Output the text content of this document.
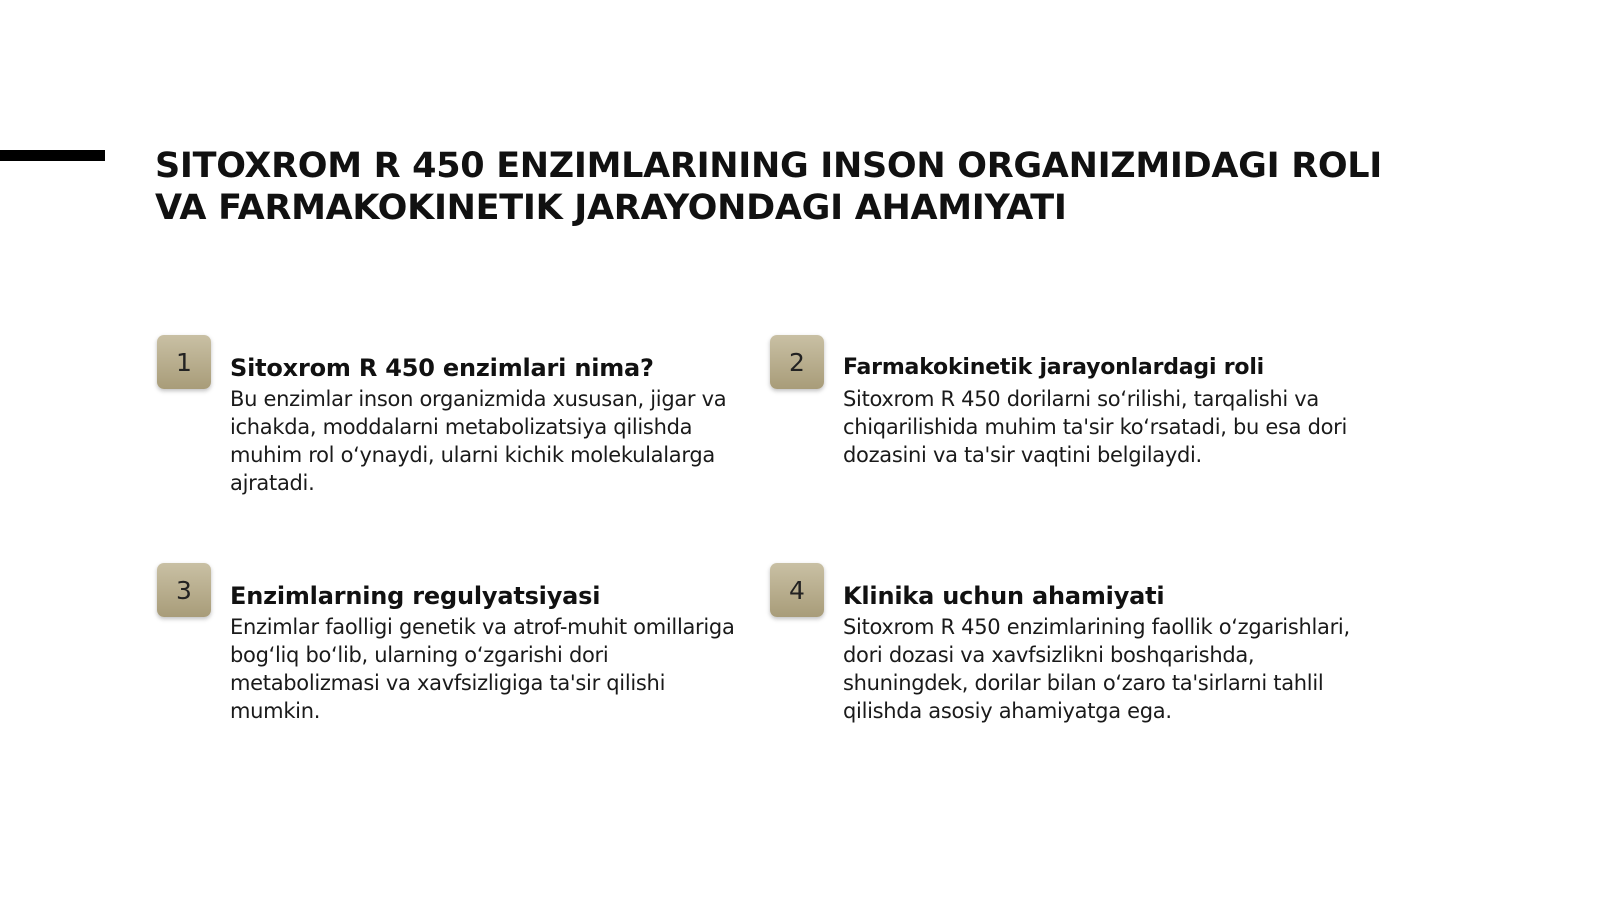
SITOXROM R 450 ENZIMLARINING INSON ORGANIZMIDAGI ROLI
VA FARMAKOKINETIK JARAYONDAGI AHAMIYATI
1	Sitoxrom R 450 enzimlari nima?

Bu enzimlar inson organizmida xususan, jigar va ichakda, moddalarni metabolizatsiya qilishda muhim rol o‘ynaydi, ularni kichik molekulalarga ajratadi.

2	Farmakokinetik jarayonlardagi roli

Sitoxrom R 450 dorilarni so‘rilishi, tarqalishi va chiqarilishida muhim ta'sir ko‘rsatadi, bu esa dori dozasini va ta'sir vaqtini belgilaydi.

3	Enzimlarning regulyatsiyasi

Enzimlar faolligi genetik va atrof-muhit omillariga bog‘liq bo‘lib, ularning o‘zgarishi dori metabolizmasi va xavfsizligiga ta'sir qilishi mumkin.

4	Klinika uchun ahamiyati

Sitoxrom R 450 enzimlarining faollik o‘zgarishlari, dori dozasi va xavfsizlikni boshqarishda, shuningdek, dorilar bilan o‘zaro ta'sirlarni tahlil qilishda asosiy ahamiyatga ega.
